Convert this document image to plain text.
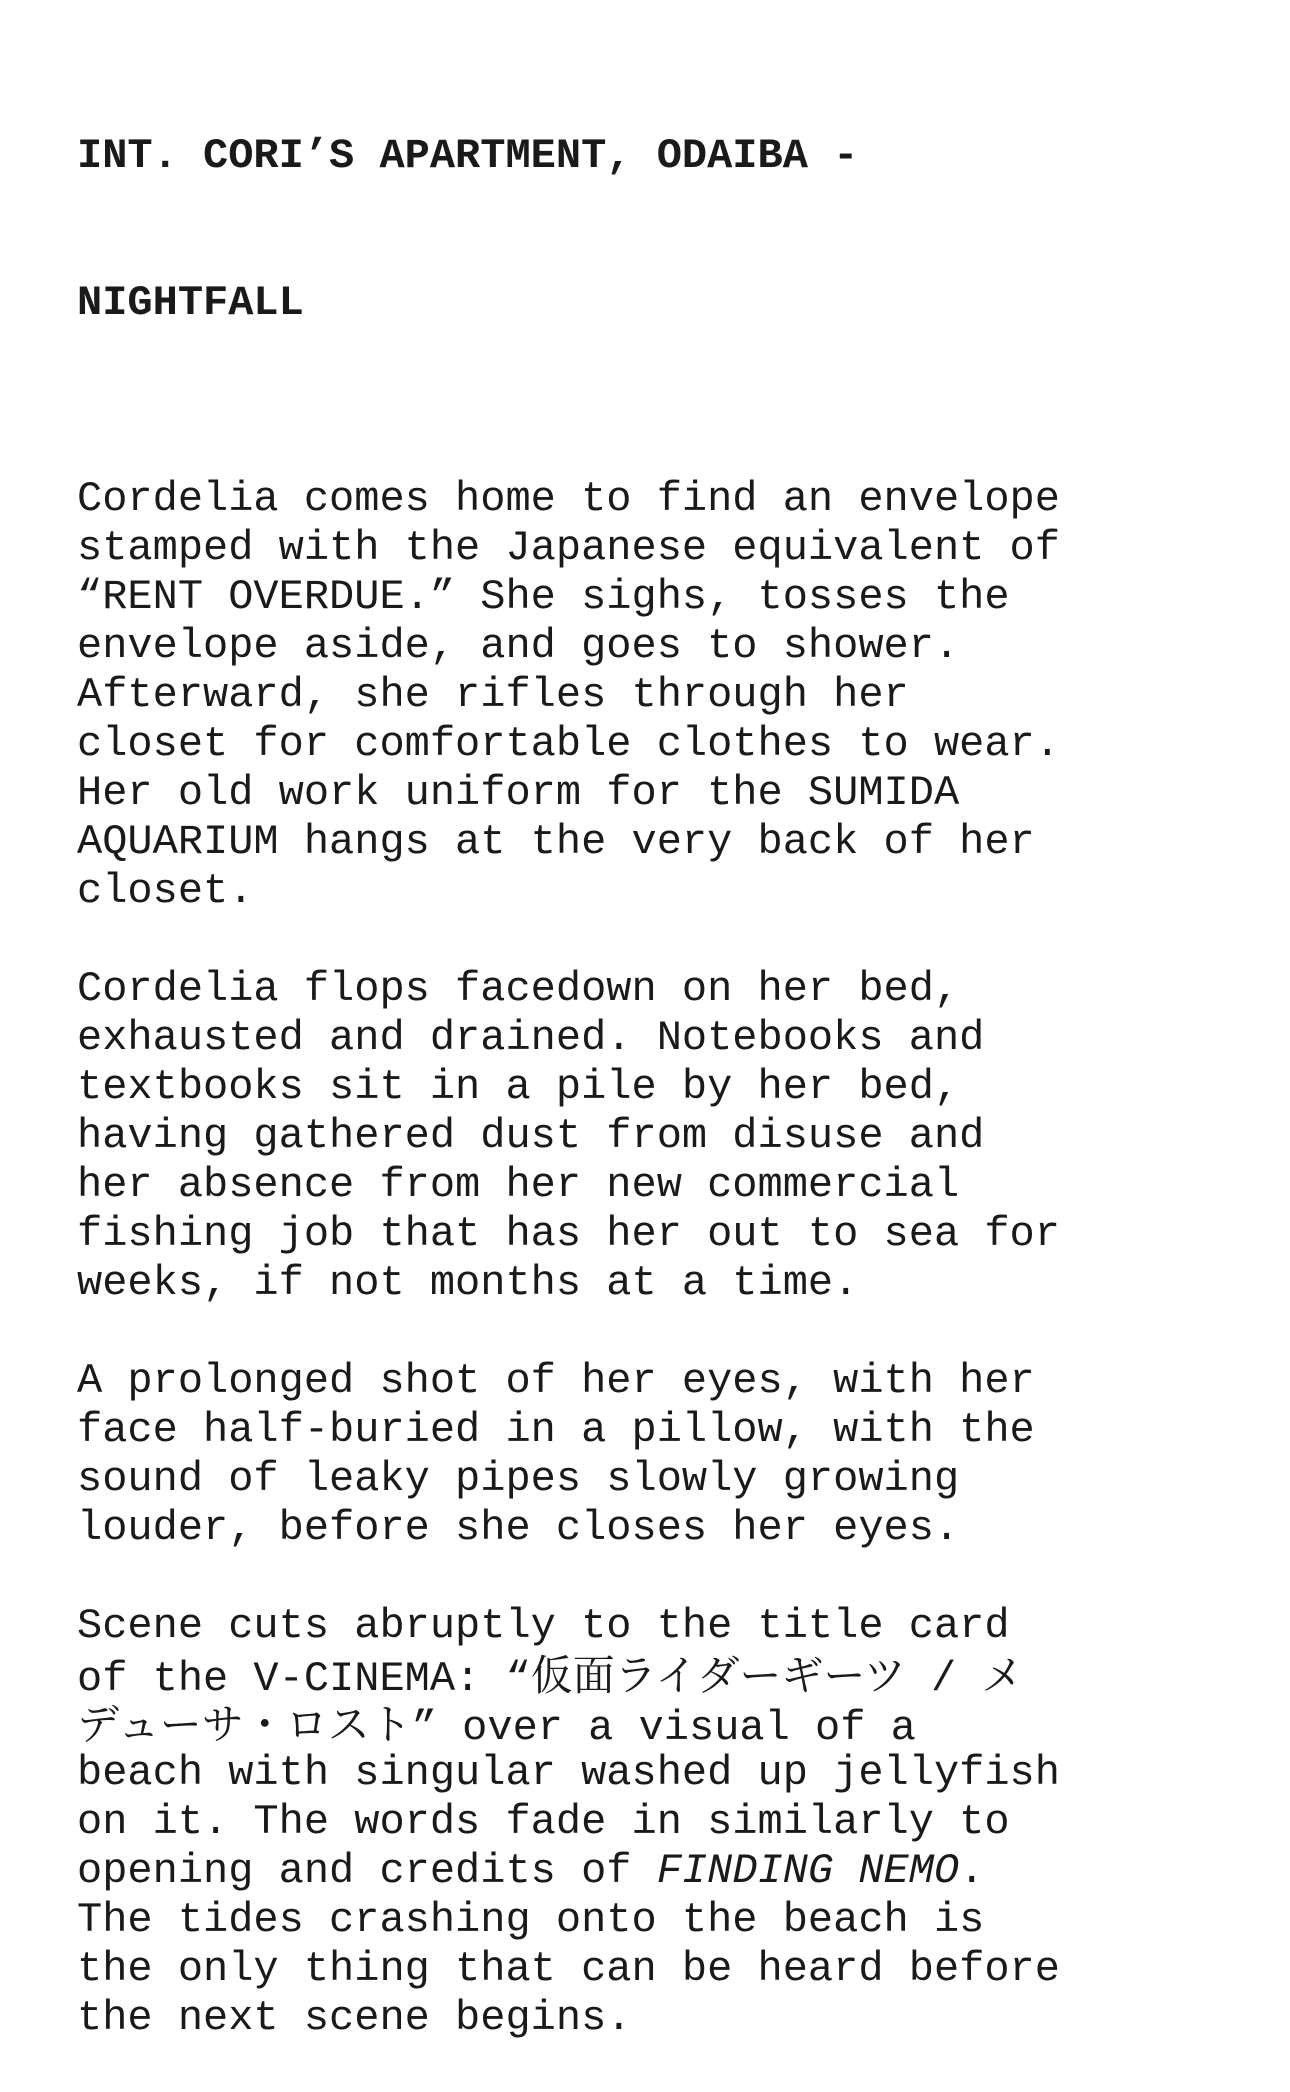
INT. CORI’S APARTMENT, ODAIBA -

NIGHTFALL

Cordelia comes home to find an envelope
stamped with the Japanese equivalent of
“RENT OVERDUE.” She sighs, tosses the
envelope aside, and goes to shower.
Afterward, she rifles through her
closet for comfortable clothes to wear.
Her old work uniform for the SUMIDA
AQUARIUM hangs at the very back of her
closet.
Cordelia flops facedown on her bed,
exhausted and drained. Notebooks and
textbooks sit in a pile by her bed,
having gathered dust from disuse and
her absence from her new commercial
fishing job that has her out to sea for
weeks, if not months at a time.
A prolonged shot of her eyes, with her
face half-buried in a pillow, with the
sound of leaky pipes slowly growing
louder, before she closes her eyes.
Scene cuts abruptly to the title card
of the V-CINEMA: “仮面ライダーギーツ / メ
デューサ・ロスト” over a visual of a
beach with singular washed up jellyfish
on it. The words fade in similarly to
opening and credits of FINDING NEMO.
The tides crashing onto the beach is
the only thing that can be heard before
the next scene begins.
